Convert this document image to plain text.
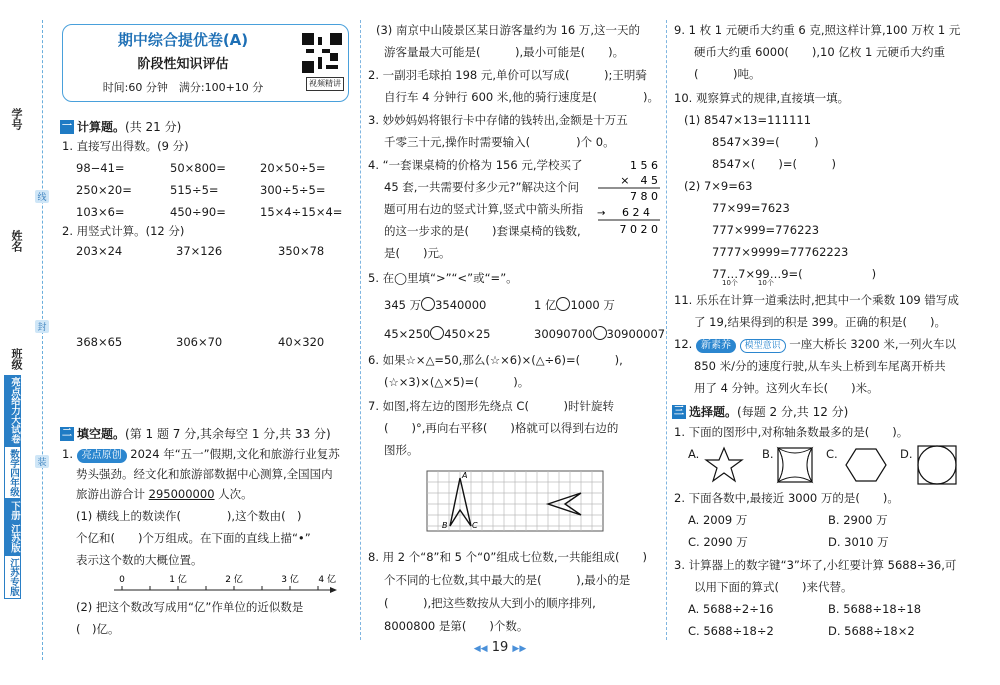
学号
姓名
班级
线
封
装
亮点给力大试卷
数学四年级
下册
江苏版
江苏专版
期中综合提优卷(A)
阶段性知识评估
时间:60 分钟　满分:100+10 分	视频精讲
一 计算题。 (共 21 分)
1. 直接写出得数。(9 分)
98−41=	50×800=	20×50÷5=
250×20=	515÷5=	300÷5÷5=
103×6=	450÷90=	15×4÷15×4=
2. 用竖式计算。(12 分)
203×24	37×126	350×78
368×65	306×70	40×320
二 填空题。 (第 1 题 7 分,其余每空 1 分,共 33 分)
1. 亮点原创 2024 年“五一”假期,文化和旅游行业复苏
势头强劲。经文化和旅游部数据中心测算,全国国内
旅游出游合计 295000000 人次。
(1) 横线上的数读作(　　　　),这个数由(　)
个亿和(　　)个万组成。在下面的直线上描“•”
表示这个数的大概位置。
0	1 亿	2 亿	3 亿 4 亿
(2) 把这个数改写成用“亿”作单位的近似数是
(　)亿。
(3) 南京中山陵景区某日游客量约为 16 万,这一天的
游客量最大可能是(　　　),最小可能是(　　)。
2. 一副羽毛球拍 198 元,单价可以写成(　　　);王明骑
自行车 4 分钟行 600 米,他的骑行速度是(　　　　)。
3. 妙妙妈妈将银行卡中存储的钱转出,金额是十万五
千零三十元,操作时需要输入(　　　　)个 0。
4. “一套课桌椅的价格为 156 元,学校买了
45 套,一共需要付多少元?”解决这个问
题可用右边的竖式计算,竖式中箭头所指
的这一步求的是(　　)套课桌椅的钱数,
是(　　)元。
1 5 6
×　4 5
7 8 0
→ 6 2 4
7 0 2 0
5. 在◯里填“>”“<”或“=”。
345 万 3540000	1 亿 1000 万
45×250 450×25	30090700 30900007
6. 如果☆×△=50,那么(☆×6)×(△÷6)=(　　　),
(☆×3)×(△×5)=(　　　)。
7. 如图,将左边的图形先绕点 C(　　　)时针旋转
(　　)°,再向右平移(　　)格就可以得到右边的
图形。
A
B	C
8. 用 2 个“8”和 5 个“0”组成七位数,一共能组成(　　)
个不同的七位数,其中最大的是(　　　),最小的是
(　　　),把这些数按从大到小的顺序排列,
8000800 是第(　　)个数。
9. 1 枚 1 元硬币大约重 6 克,照这样计算,100 万枚 1 元
硬币大约重 6000(　　),10 亿枚 1 元硬币大约重
(　　　)吨。
10. 观察算式的规律,直接填一填。
(1) 8547×13=111111
8547×39=(　　　)
8547×(　　)=(　　　)
(2) 7×9=63
77×99=7623
777×999=776223
7777×9999=77762223
77…7×99…9=(　　　　　　)
10个	10个
11. 乐乐在计算一道乘法时,把其中一个乘数 109 错写成
了 19,结果得到的积是 399。正确的积是(　　)。
12. 新素养 模型意识 一座大桥长 3200 米,一列火车以
850 米/分的速度行驶,从车头上桥到车尾离开桥共
用了 4 分钟。这列火车长(　　)米。
三 选择题。 (每题 2 分,共 12 分)
1. 下面的图形中,对称轴条数最多的是(　　)。
A.	B.	C.	D.
2. 下面各数中,最接近 3000 万的是(　　)。
A. 2009 万	B. 2900 万
C. 2090 万	D. 3010 万
3. 计算器上的数字键“3”坏了,小红要计算 5688÷36,可
以用下面的算式(　　)来代替。
A. 5688÷2÷16	B. 5688÷18÷18
C. 5688÷18÷2	D. 5688÷18×2
◀◀ 19 ▶▶
